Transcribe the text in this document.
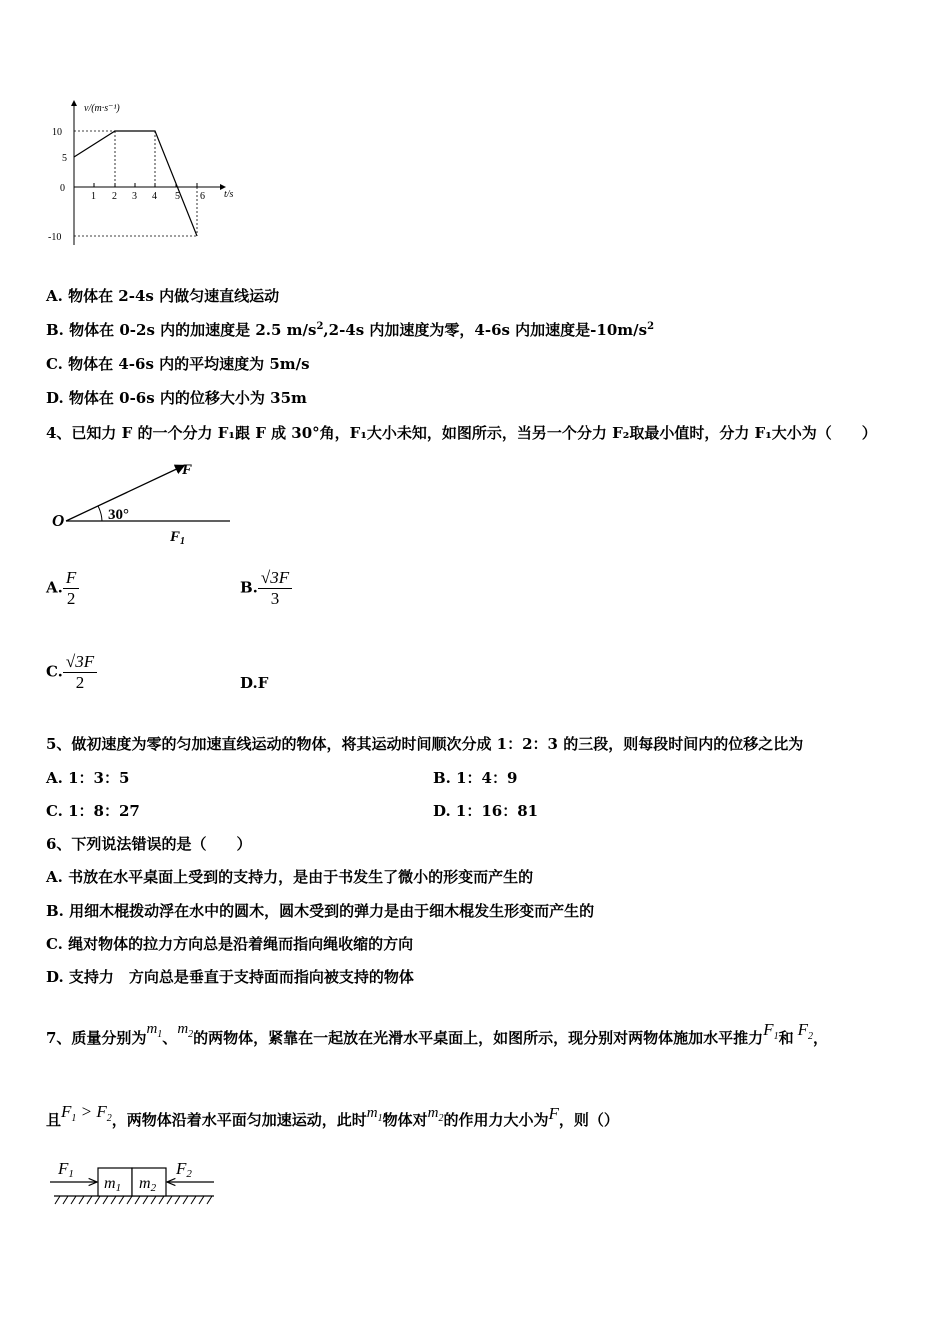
v/(m·s⁻¹)
t/s
10
0
-10
5
1 2 3 4 5 6
A. 物体在 2-4s 内做匀速直线运动
B. 物体在 0-2s 内的加速度是 2.5 $m/s^2,2-4s$ 内加速度为零，4-6s 内加速度是$-10m/s^2$
C. 物体在 4-6s 内的平均速度为 5m/s
D. 物体在 0-6s 内的位移大小为 35m
4、已知力 F 的一个分力 F₁跟 F 成 30°角，F₁大小未知，如图所示，当另一个分力 F₂取最小值时，分力 F₁大小为（　　）
O	30°
F
$F_1$
A. $\frac{F}{2}$	B. $\frac{√3F}{3}$
C. $\frac{√3F}{2}$	D.F
5、做初速度为零的匀加速直线运动的物体，将其运动时间顺次分成 1：2：3 的三段，则每段时间内的位移之比为
A. 1：3：5	B. 1：4：9
C. 1：8：27	D. 1：16：81
6、下列说法错误的是（　　）
A. 书放在水平桌面上受到的支持力，是由于书发生了微小的形变而产生的
B. 用细木棍拨动浮在水中的圆木，圆木受到的弹力是由于细木棍发生形变而产生的
C. 绳对物体的拉力方向总是沿着绳而指向绳收缩的方向
D. 支持力　方向总是垂直于支持面而指向被支持的物体
7、质量分别为$m_1$、$m_2$的两物体，紧靠在一起放在光滑水平桌面上，如图所示，现分别对两物体施加水平推力$F_1$和 $F_2$，
且$F_1 > F_2$，两物体沿着水平面匀加速运动，此时$m_1$物体对$m_2$的作用力大小为F，则（）
F1	F2
m1 m2
